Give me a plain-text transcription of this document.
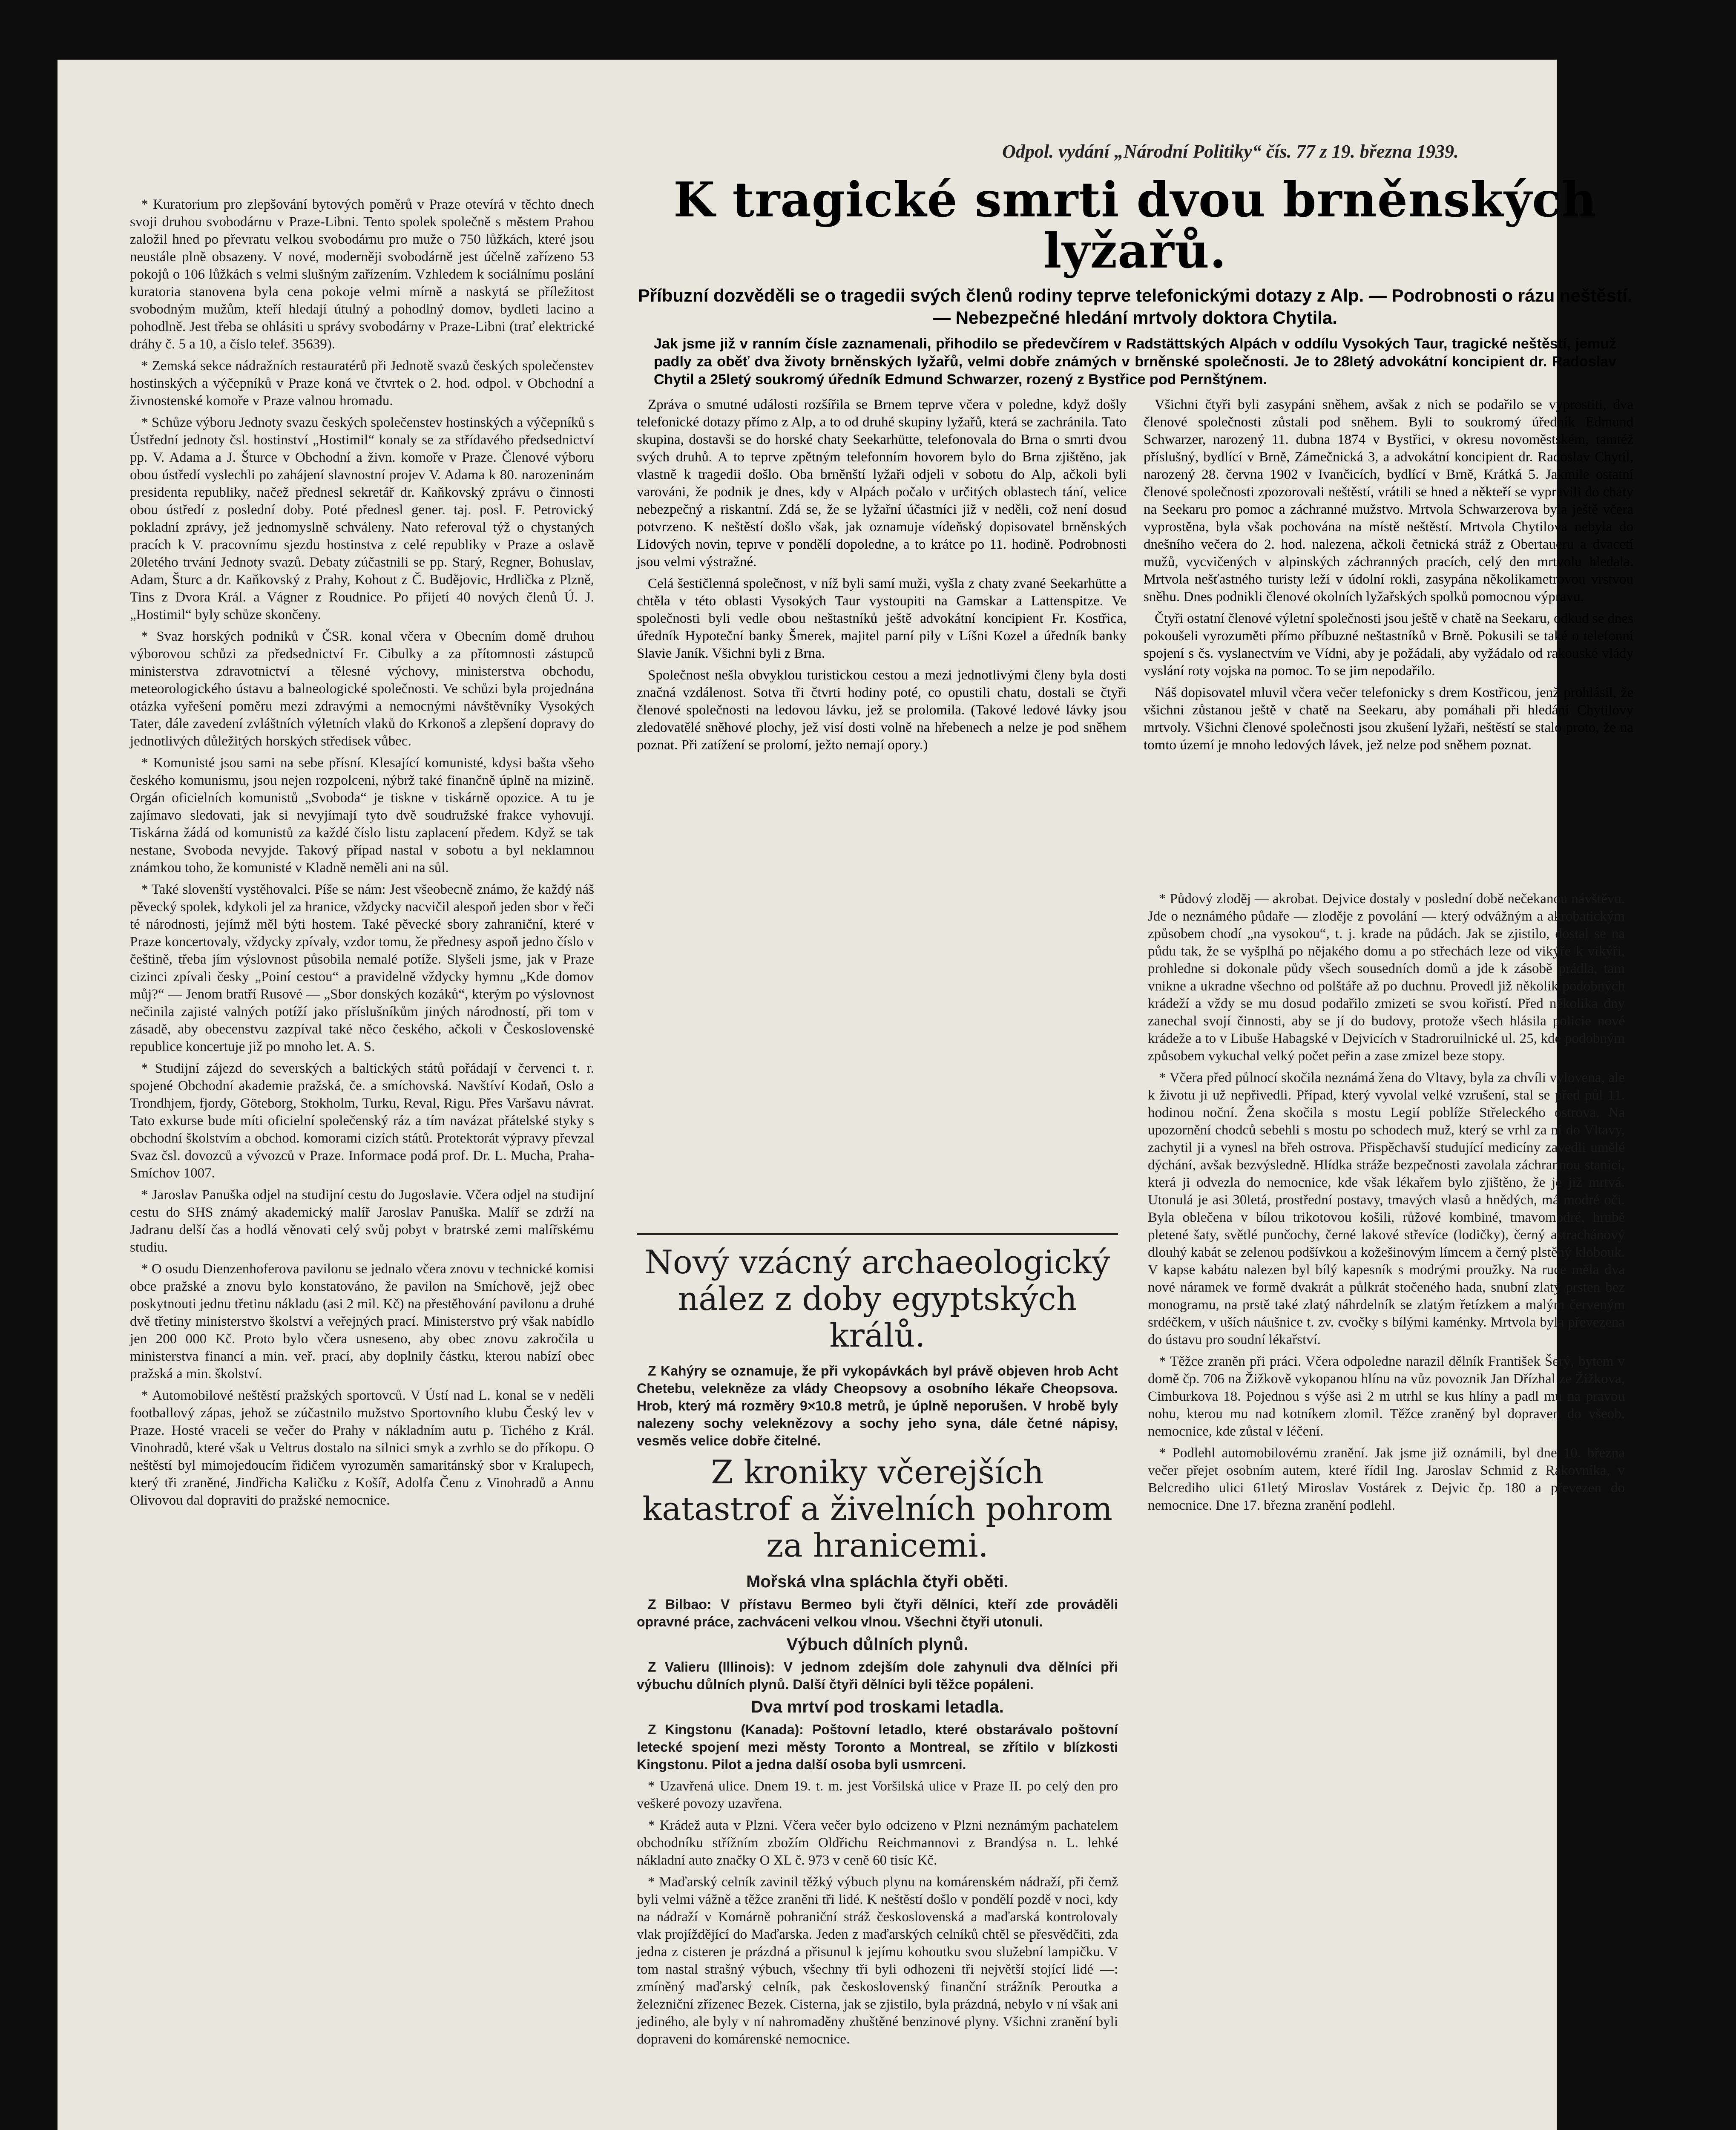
Odpol. vydání „Národní Politiky“ čís. 77 z 19. března 1939.

* Kuratorium pro zlepšování bytových poměrů v Praze otevírá v těchto dnech svoji druhou svobodárnu v Praze-Libni. Tento spolek společně s městem Prahou založil hned po převratu velkou svobodárnu pro muže o 750 lůžkách, které jsou neustále plně obsazeny. V nové, moderněji svobodárně jest účelně zařízeno 53 pokojů o 106 lůžkách s velmi slušným zařízením. Vzhledem k sociálnímu poslání kuratoria stanovena byla cena pokoje velmi mírně a naskytá se příležitost svobodným mužům, kteří hledají útulný a pohodlný domov, bydleti lacino a pohodlně. Jest třeba se ohlásiti u správy svobodárny v Praze-Libni (trať elektrické dráhy č. 5 a 10, a číslo telef. 35639).

* Zemská sekce nádražních restauratérů při Jednotě svazů českých společenstev hostinských a výčepníků v Praze koná ve čtvrtek o 2. hod. odpol. v Obchodní a živnostenské komoře v Praze valnou hromadu.

* Schůze výboru Jednoty svazu českých společenstev hostinských a výčepníků s Ústřední jednoty čsl. hostinství „Hostimil“ konaly se za střídavého předsednictví pp. V. Adama a J. Šturce v Obchodní a živn. komoře v Praze. Členové výboru obou ústředí vyslechli po zahájení slavnostní projev V. Adama k 80. narozeninám presidenta republiky, načež přednesl sekretář dr. Kaňkovský zprávu o činnosti obou ústředí z poslední doby. Poté přednesl gener. taj. posl. F. Petrovický pokladní zprávy, jež jednomyslně schváleny. Nato referoval týž o chystaných pracích k V. pracovnímu sjezdu hostinstva z celé republiky v Praze a oslavě 20letého trvání Jednoty svazů. Debaty zúčastnili se pp. Starý, Regner, Bohuslav, Adam, Šturc a dr. Kaňkovský z Prahy, Kohout z Č. Budějovic, Hrdlička z Plzně, Tins z Dvora Král. a Vágner z Roudnice. Po přijetí 40 nových členů Ú. J. „Hostimil“ byly schůze skončeny.

* Svaz horských podniků v ČSR. konal včera v Obecním domě druhou výborovou schůzi za předsednictví Fr. Cibulky a za přítomnosti zástupců ministerstva zdravotnictví a tělesné výchovy, ministerstva obchodu, meteorologického ústavu a balneologické společnosti. Ve schůzi byla projednána otázka vyřešení poměru mezi zdravými a nemocnými návštěvníky Vysokých Tater, dále zavedení zvláštních výletních vlaků do Krkonoš a zlepšení dopravy do jednotlivých důležitých horských středisek vůbec.

* Komunisté jsou sami na sebe přísní. Klesající komunisté, kdysi bašta všeho českého komunismu, jsou nejen rozpolceni, nýbrž také finančně úplně na mizině. Orgán oficielních komunistů „Svoboda“ je tiskne v tiskárně opozice. A tu je zajímavo sledovati, jak si nevyjímají tyto dvě soudružské frakce vyhovují. Tiskárna žádá od komunistů za každé číslo listu zaplacení předem. Když se tak nestane, Svoboda nevyjde. Takový případ nastal v sobotu a byl neklamnou známkou toho, že komunisté v Kladně neměli ani na sůl.

* Také slovenští vystěhovalci. Píše se nám: Jest všeobecně známo, že každý náš pěvecký spolek, kdykoli jel za hranice, vždycky nacvičil alespoň jeden sbor v řeči té národnosti, jejímž měl býti hostem. Také pěvecké sbory zahraniční, které v Praze koncertovaly, vždycky zpívaly, vzdor tomu, že přednesy aspoň jedno číslo v češtině, třeba jím výslovnost působila nemalé potíže. Slyšeli jsme, jak v Praze cizinci zpívali česky „Poiní cestou“ a pravidelně vždycky hymnu „Kde domov můj?“ — Jenom bratří Rusové — „Sbor donských kozáků“, kterým po výslovnost nečinila zajisté valných potíží jako příslušníkům jiných národností, při tom v zásadě, aby obecenstvu zazpíval také něco českého, ačkoli v Československé republice koncertuje již po mnoho let. A. S.

* Studijní zájezd do severských a baltických států pořádají v červenci t. r. spojené Obchodní akademie pražská, če. a smíchovská. Navštíví Kodaň, Oslo a Trondhjem, fjordy, Göteborg, Stokholm, Turku, Reval, Rigu. Přes Varšavu návrat. Tato exkurse bude míti oficielní společenský ráz a tím navázat přátelské styky s obchodní školstvím a obchod. komorami cizích států. Protektorát výpravy převzal Svaz čsl. dovozců a vývozců v Praze. Informace podá prof. Dr. L. Mucha, Praha-Smíchov 1007.

* Jaroslav Panuška odjel na studijní cestu do Jugoslavie. Včera odjel na studijní cestu do SHS známý akademický malíř Jaroslav Panuška. Malíř se zdrží na Jadranu delší čas a hodlá věnovati celý svůj pobyt v bratrské zemi malířskému studiu.

* O osudu Dienzenhoferova pavilonu se jednalo včera znovu v technické komisi obce pražské a znovu bylo konstatováno, že pavilon na Smíchově, jejž obec poskytnouti jednu třetinu nákladu (asi 2 mil. Kč) na přestěhování pavilonu a druhé dvě třetiny ministerstvo školství a veřejných prací. Ministerstvo prý však nabídlo jen 200 000 Kč. Proto bylo včera usneseno, aby obec znovu zakročila u ministerstva financí a min. veř. prací, aby doplnily částku, kterou nabízí obec pražská a min. školství.

* Automobilové neštěstí pražských sportovců. V Ústí nad L. konal se v neděli footballový zápas, jehož se zúčastnilo mužstvo Sportovního klubu Český lev v Praze. Hosté vraceli se večer do Prahy v nákladním autu p. Tichého z Král. Vinohradů, které však u Veltrus dostalo na silnici smyk a zvrhlo se do příkopu. O neštěstí byl mimojedoucím řidičem vyrozuměn samaritánský sbor v Kralupech, který tři zraněné, Jindřicha Kaličku z Košíř, Adolfa Čenu z Vinohradů a Annu Olivovou dal dopraviti do pražské nemocnice.

K tragické smrti dvou brněnských lyžařů.
Příbuzní dozvěděli se o tragedii svých členů rodiny teprve telefonickými dotazy z Alp. — Podrobnosti o rázu neštěstí. — Nebezpečné hledání mrtvoly doktora Chytila.
Jak jsme již v ranním čísle zaznamenali, přihodilo se předevčírem v Radstättských Alpách v oddílu Vysokých Taur, tragické neštěstí, jemuž padly za oběť dva životy brněnských lyžařů, velmi dobře známých v brněnské společnosti. Je to 28letý advokátní koncipient dr. Radoslav Chytil a 25letý soukromý úředník Edmund Schwarzer, rozený z Bystřice pod Pernštýnem.

Zpráva o smutné události rozšířila se Brnem teprve včera v poledne, když došly telefonické dotazy přímo z Alp, a to od druhé skupiny lyžařů, která se zachránila. Tato skupina, dostavši se do horské chaty Seekarhütte, telefonovala do Brna o smrti dvou svých druhů. A to teprve zpětným telefonním hovorem bylo do Brna zjištěno, jak vlastně k tragedii došlo. Oba brněnští lyžaři odjeli v sobotu do Alp, ačkoli byli varováni, že podnik je dnes, kdy v Alpách počalo v určitých oblastech tání, velice nebezpečný a riskantní. Zdá se, že se lyžařní účastníci již v neděli, což není dosud potvrzeno. K neštěstí došlo však, jak oznamuje vídeňský dopisovatel brněnských Lidových novin, teprve v pondělí dopoledne, a to krátce po 11. hodině. Podrobnosti jsou velmi výstražné.

Celá šestičlenná společnost, v níž byli samí muži, vyšla z chaty zvané Seekarhütte a chtěla v této oblasti Vysokých Taur vystoupiti na Gamskar a Lattenspitze. Ve společnosti byli vedle obou neštastníků ještě advokátní koncipient Fr. Kostřica, úředník Hypoteční banky Šmerek, majitel parní pily v Líšni Kozel a úředník banky Slavie Janík. Všichni byli z Brna.

Společnost nešla obvyklou turistickou cestou a mezi jednotlivými členy byla dosti značná vzdálenost. Sotva tři čtvrti hodiny poté, co opustili chatu, dostali se čtyři členové společnosti na ledovou lávku, jež se prolomila. (Takové ledové lávky jsou zledovatělé sněhové plochy, jež visí dosti volně na hřebenech a nelze je pod sněhem poznat. Při zatížení se prolomí, ježto nemají opory.)

Všichni čtyři byli zasypáni sněhem, avšak z nich se podařilo se vyprostiti, dva členové společnosti zůstali pod sněhem. Byli to soukromý úředník Edmund Schwarzer, narozený 11. dubna 1874 v Bystřici, v okresu novoměstském, tamtéž příslušný, bydlící v Brně, Zámečnická 3, a advokátní koncipient dr. Radoslav Chytil, narozený 28. června 1902 v Ivančicích, bydlící v Brně, Krátká 5. Jakmile ostatní členové společnosti zpozorovali neštěstí, vrátili se hned a někteří se vypravili do chaty na Seekaru pro pomoc a záchranné mužstvo. Mrtvola Schwarzerova byla ještě včera vyprostěna, byla však pochována na místě neštěstí. Mrtvola Chytilova nebyla do dnešního večera do 2. hod. nalezena, ačkoli četnická stráž z Obertaueru a dvacetí mužů, vycvičených v alpinských záchranných pracích, celý den mrtvolu hledala. Mrtvola nešťastného turisty leží v údolní rokli, zasypána několikametrovou vrstvou sněhu. Dnes podnikli členové okolních lyžařských spolků pomocnou výpravu.

Čtyři ostatní členové výletní společnosti jsou ještě v chatě na Seekaru, odkud se dnes pokoušeli vyrozuměti přímo příbuzné neštastníků v Brně. Pokusili se také o telefonní spojení s čs. vyslanectvím ve Vídni, aby je požádali, aby vyžádalo od rakouské vlády vyslání roty vojska na pomoc. To se jim nepodařilo.

Náš dopisovatel mluvil včera večer telefonicky s drem Kostřicou, jenž prohlásil, že všichni zůstanou ještě v chatě na Seekaru, aby pomáhali při hledání Chytilovy mrtvoly. Všichni členové společnosti jsou zkušení lyžaři, neštěstí se stalo proto, že na tomto území je mnoho ledových lávek, jež nelze pod sněhem poznat.

Nový vzácný archaeologický nález z doby egyptských králů.

Z Kahýry se oznamuje, že při vykopávkách byl právě objeven hrob Acht Chetebu, velekněze za vlády Cheopsovy a osobního lékaře Cheopsova. Hrob, který má rozměry 9×10.8 metrů, je úplně neporušen. V hrobě byly nalezeny sochy veleknězovy a sochy jeho syna, dále četné nápisy, vesměs velice dobře čitelné.

Z kroniky včerejších katastrof a živelních pohrom za hranicemi.
Mořská vlna spláchla čtyři oběti.

Z Bilbao: V přístavu Bermeo byli čtyři dělníci, kteří zde prováděli opravné práce, zachváceni velkou vlnou. Všechni čtyři utonuli.

Výbuch důlních plynů.

Z Valieru (Illinois): V jednom zdejším dole zahynuli dva dělníci při výbuchu důlních plynů. Další čtyři dělníci byli těžce popáleni.

Dva mrtví pod troskami letadla.

Z Kingstonu (Kanada): Poštovní letadlo, které obstarávalo poštovní letecké spojení mezi městy Toronto a Montreal, se zřítilo v blízkosti Kingstonu. Pilot a jedna další osoba byli usmrceni.

* Uzavřená ulice. Dnem 19. t. m. jest Voršilská ulice v Praze II. po celý den pro veškeré povozy uzavřena.

* Krádež auta v Plzni. Včera večer bylo odcizeno v Plzni neznámým pachatelem obchodníku střížním zbožím Oldřichu Reichmannovi z Brandýsa n. L. lehké nákladní auto značky O XL č. 973 v ceně 60 tisíc Kč.

* Maďarský celník zavinil těžký výbuch plynu na komárenském nádraží, při čemž byli velmi vážně a těžce zraněni tři lidé. K neštěstí došlo v pondělí pozdě v noci, kdy na nádraží v Komárně pohraniční stráž československá a maďarská kontrolovaly vlak projíždějící do Maďarska. Jeden z maďarských celníků chtěl se přesvědčiti, zda jedna z cisteren je prázdná a přisunul k jejímu kohoutku svou služební lampičku. V tom nastal strašný výbuch, všechny tři byli odhozeni tři největší stojící lidé —: zmíněný maďarský celník, pak československý finanční strážník Peroutka a železniční zřízenec Bezek. Cisterna, jak se zjistilo, byla prázdná, nebylo v ní však ani jediného, ale byly v ní nahromaděny zhuštěné benzinové plyny. Všichni zranění byli dopraveni do komárenské nemocnice.

* Půdový zloděj — akrobat. Dejvice dostaly v poslední době nečekanou návštěvu. Jde o neznámého půdaře — zloděje z povolání — který odvážným a akrobatickým způsobem chodí „na vysokou“, t. j. krade na půdách. Jak se zjistilo, dostal se na půdu tak, že se vyšplhá po nějakého domu a po střechách leze od vikýře k vikýři, prohledne si dokonale půdy všech sousedních domů a jde k zásobě prádla, tam vnikne a ukradne všechno od polštáře až po duchnu. Provedl již několik podobných krádeží a vždy se mu dosud podařilo zmizeti se svou kořistí. Před několika dny zanechal svojí činnosti, aby se jí do budovy, protože všech hlásila policie nové krádeže a to v Libuše Habagské v Dejvicích v Stadroruilnické ul. 25, kde podobným způsobem vykuchal velký počet peřin a zase zmizel beze stopy.

* Včera před půlnocí skočila neznámá žena do Vltavy, byla za chvíli vylovena, ale k životu ji už nepřivedli. Případ, který vyvolal velké vzrušení, stal se před půl 11. hodinou noční. Žena skočila s mostu Legií poblíže Střeleckého ostrova. Na upozornění chodců sebehli s mostu po schodech muž, který se vrhl za ní do Vltavy, zachytil ji a vynesl na břeh ostrova. Přispěchavší studující medicíny zavedli umělé dýchání, avšak bezvýsledně. Hlídka stráže bezpečnosti zavolala záchrannou stanici, která ji odvezla do nemocnice, kde však lékařem bylo zjištěno, že je již mrtvá. Utonulá je asi 30letá, prostřední postavy, tmavých vlasů a hnědých, má modré oči. Byla oblečena v bílou trikotovou košili, růžové kombiné, tmavomodré, hrubě pletené šaty, světlé punčochy, černé lakové střevíce (lodičky), černý astrachánový dlouhý kabát se zelenou podšívkou a kožešinovým límcem a černý plstěný klobouk. V kapse kabátu nalezen byl bílý kapesník s modrými proužky. Na ruce měla dva nové náramek ve formě dvakrát a půlkrát stočeného hada, snubní zlatý prsten bez monogramu, na prstě také zlatý náhrdelník se zlatým řetízkem a malým červeným srdéčkem, v uších náušnice t. zv. cvočky s bílými kaménky. Mrtvola byla převezena do ústavu pro soudní lékařství.

* Těžce zraněn při práci. Včera odpoledne narazil dělník František Šerý, bytem v domě čp. 706 na Žižkově vykopanou hlínu na vůz povoznik Jan Dřízhal ze Žižkova, Cimburkova 18. Pojednou s výše asi 2 m utrhl se kus hlíny a padl mu na pravou nohu, kterou mu nad kotníkem zlomil. Těžce zraněný byl dopraven do všeob. nemocnice, kde zůstal v léčení.

* Podlehl automobilovému zranění. Jak jsme již oznámili, byl dne 10. března večer přejet osobním autem, které řídil Ing. Jaroslav Schmid z Rakovníka, v Belcrediho ulici 61letý Miroslav Vostárek z Dejvic čp. 180 a převezen do nemocnice. Dne 17. března zranění podlehl.
